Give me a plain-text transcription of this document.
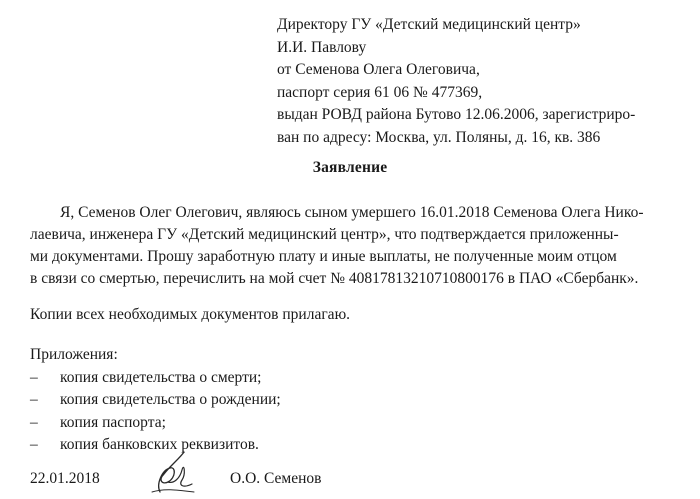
Директору ГУ «Детский медицинский центр»
И.И. Павлову
от Семенова Олега Олеговича,
паспорт серия 61 06 № 477369,
выдан РОВД района Бутово 12.06.2006, зарегистриро-
ван по адресу: Москва, ул. Поляны, д. 16, кв. 386
Заявление
Я, Семенов Олег Олегович, являюсь сыном умершего 16.01.2018 Семенова Олега Нико-
лаевича, инженера ГУ «Детский медицинский центр», что подтверждается приложенны-
ми документами. Прошу заработную плату и иные выплаты, не полученные моим отцом
в связи со смертью, перечислить на мой счет № 40817813210710800176 в ПАО «Сбербанк».
Копии всех необходимых документов прилагаю.
Приложения:
– копия свидетельства о смерти;
– копия свидетельства о рождении;
– копия паспорта;
– копия банковских реквизитов.
22.01.2018	О.О. Семенов
